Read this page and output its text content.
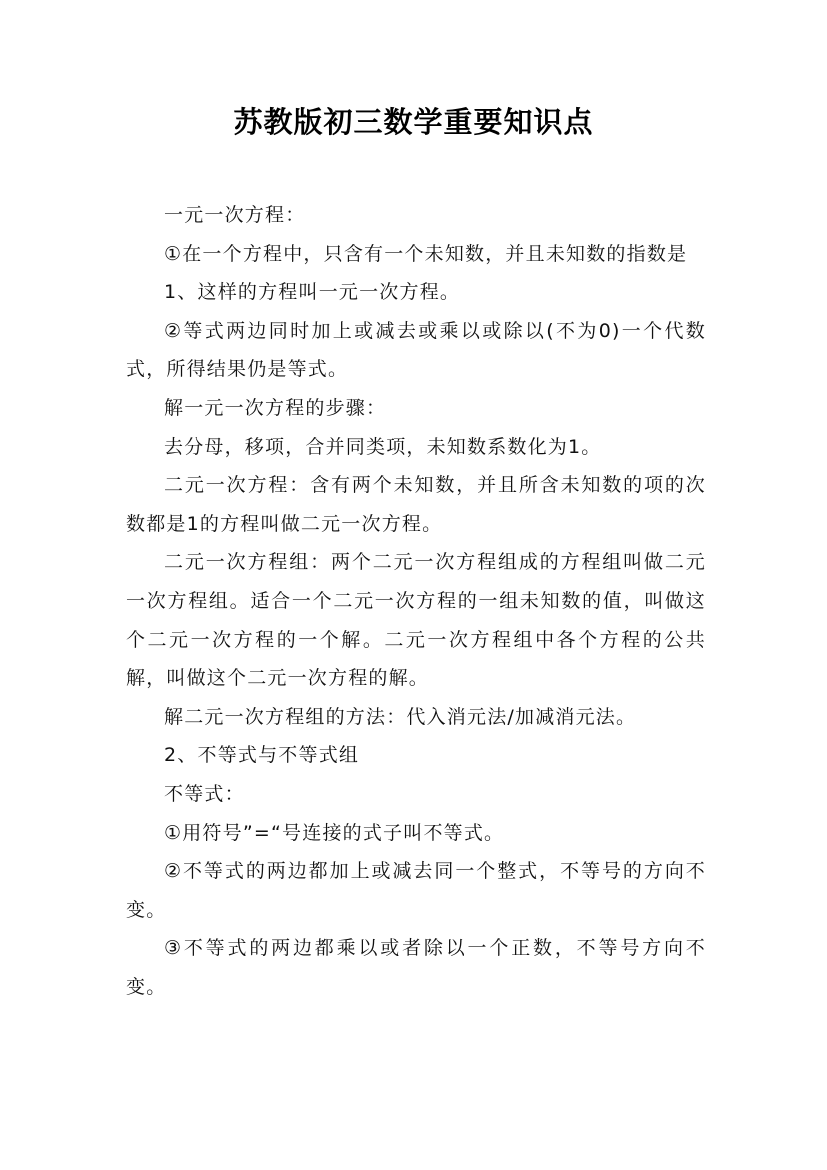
苏教版初三数学重要知识点

一元一次方程：

①在一个方程中，只含有一个未知数，并且未知数的指数是

1、这样的方程叫一元一次方程。

②等式两边同时加上或减去或乘以或除以(不为0)一个代数式，所得结果仍是等式。

解一元一次方程的步骤：

去分母，移项，合并同类项，未知数系数化为1。

二元一次方程：含有两个未知数，并且所含未知数的项的次数都是1的方程叫做二元一次方程。

二元一次方程组：两个二元一次方程组成的方程组叫做二元一次方程组。适合一个二元一次方程的一组未知数的值，叫做这个二元一次方程的一个解。二元一次方程组中各个方程的公共解，叫做这个二元一次方程的解。

解二元一次方程组的方法：代入消元法/加减消元法。

2、不等式与不等式组

不等式：

①用符号”=“号连接的式子叫不等式。

②不等式的两边都加上或减去同一个整式，不等号的方向不变。

③不等式的两边都乘以或者除以一个正数，不等号方向不变。
